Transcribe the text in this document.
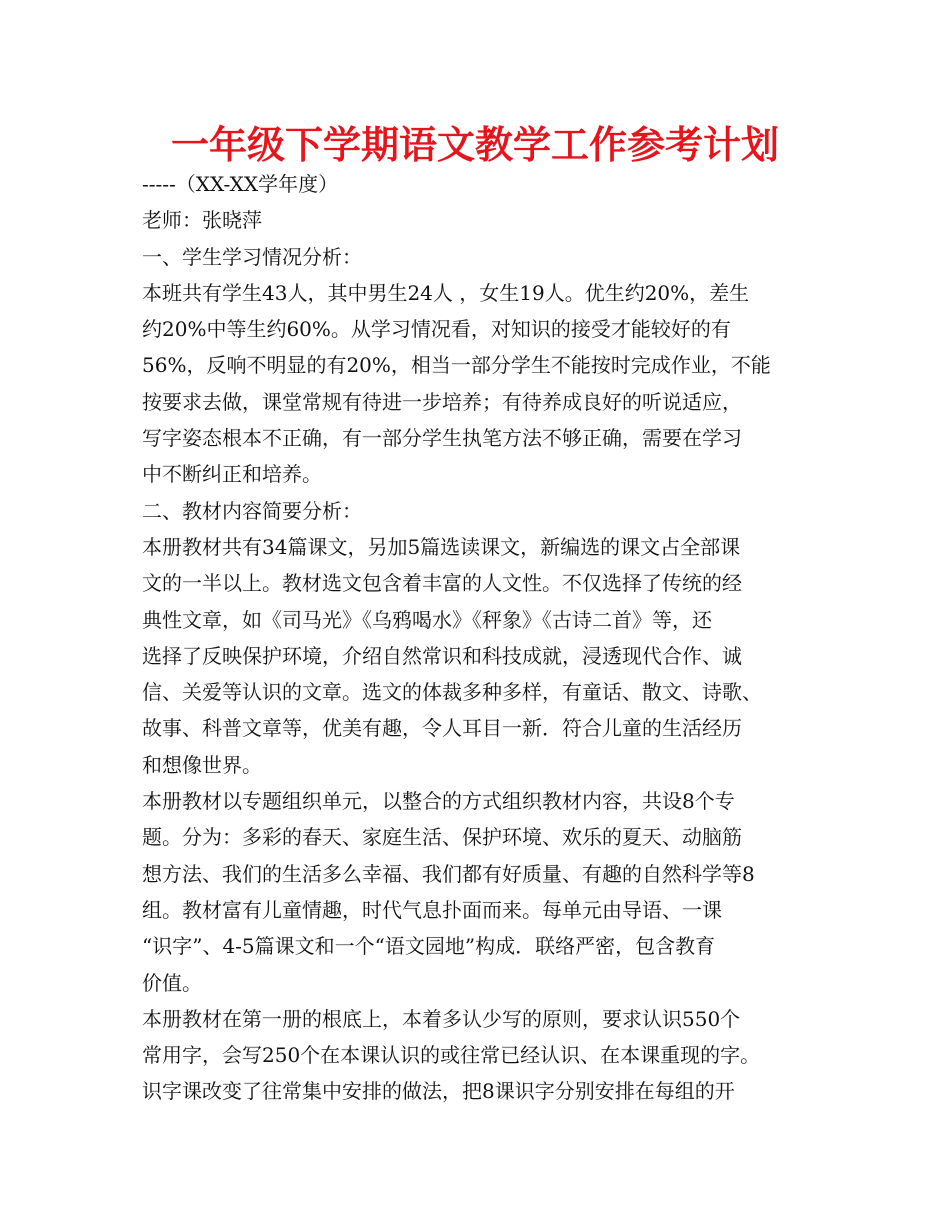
一年级下学期语文教学工作参考计划
-----（XX-XX学年度）
老师：张晓萍
一、学生学习情况分析：
本班共有学生43人，其中男生24人 ，女生19人。优生约20%，差生
约20%中等生约60%。从学习情况看，对知识的接受才能较好的有
56%，反响不明显的有20%，相当一部分学生不能按时完成作业，不能
按要求去做，课堂常规有待进一步培养；有待养成良好的听说适应，
写字姿态根本不正确，有一部分学生执笔方法不够正确，需要在学习
中不断纠正和培养。
二、教材内容简要分析：
本册教材共有34篇课文，另加5篇选读课文，新编选的课文占全部课
文的一半以上。教材选文包含着丰富的人文性。不仅选择了传统的经
典性文章，如《司马光》《乌鸦喝水》《秤象》《古诗二首》等，还
选择了反映保护环境，介绍自然常识和科技成就，浸透现代合作、诚
信、关爱等认识的文章。选文的体裁多种多样，有童话、散文、诗歌、
故事、科普文章等，优美有趣，令人耳目一新．符合儿童的生活经历
和想像世界。
本册教材以专题组织单元，以整合的方式组织教材内容，共设8个专
题。分为：多彩的春天、家庭生活、保护环境、欢乐的夏天、动脑筋
想方法、我们的生活多么幸福、我们都有好质量、有趣的自然科学等8
组。教材富有儿童情趣，时代气息扑面而来。每单元由导语、一课
“识字”、4-5篇课文和一个“语文园地”构成．联络严密，包含教育
价值。
本册教材在第一册的根底上，本着多认少写的原则，要求认识550个
常用字，会写250个在本课认识的或往常已经认识、在本课重现的字。
识字课改变了往常集中安排的做法，把8课识字分别安排在每组的开
